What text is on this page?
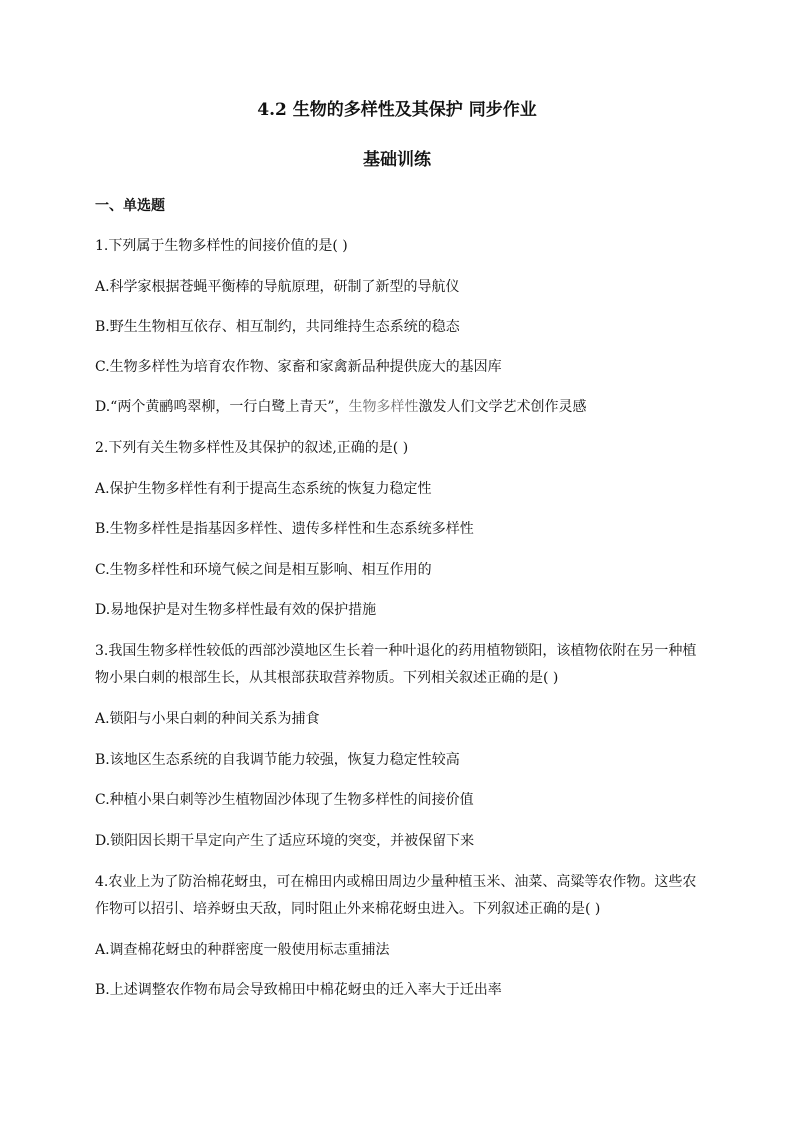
4.2 生物的多样性及其保护 同步作业
基础训练
一、单选题
1.下列属于生物多样性的间接价值的是( )
A.科学家根据苍蝇平衡棒的导航原理，研制了新型的导航仪
B.野生生物相互依存、相互制约，共同维持生态系统的稳态
C.生物多样性为培育农作物、家畜和家禽新品种提供庞大的基因库
D.“两个黄鹂鸣翠柳，一行白鹭上青天”，生物多样性激发人们文学艺术创作灵感
2.下列有关生物多样性及其保护的叙述,正确的是( )
A.保护生物多样性有利于提高生态系统的恢复力稳定性
B.生物多样性是指基因多样性、遗传多样性和生态系统多样性
C.生物多样性和环境气候之间是相互影响、相互作用的
D.易地保护是对生物多样性最有效的保护措施
3.我国生物多样性较低的西部沙漠地区生长着一种叶退化的药用植物锁阳，该植物依附在另一种植
物小果白刺的根部生长，从其根部获取营养物质。下列相关叙述正确的是( )
A.锁阳与小果白刺的种间关系为捕食
B.该地区生态系统的自我调节能力较强，恢复力稳定性较高
C.种植小果白刺等沙生植物固沙体现了生物多样性的间接价值
D.锁阳因长期干旱定向产生了适应环境的突变，并被保留下来
4.农业上为了防治棉花蚜虫，可在棉田内或棉田周边少量种植玉米、油菜、高粱等农作物。这些农
作物可以招引、培养蚜虫天敌，同时阻止外来棉花蚜虫进入。下列叙述正确的是( )
A.调查棉花蚜虫的种群密度一般使用标志重捕法
B.上述调整农作物布局会导致棉田中棉花蚜虫的迁入率大于迁出率
